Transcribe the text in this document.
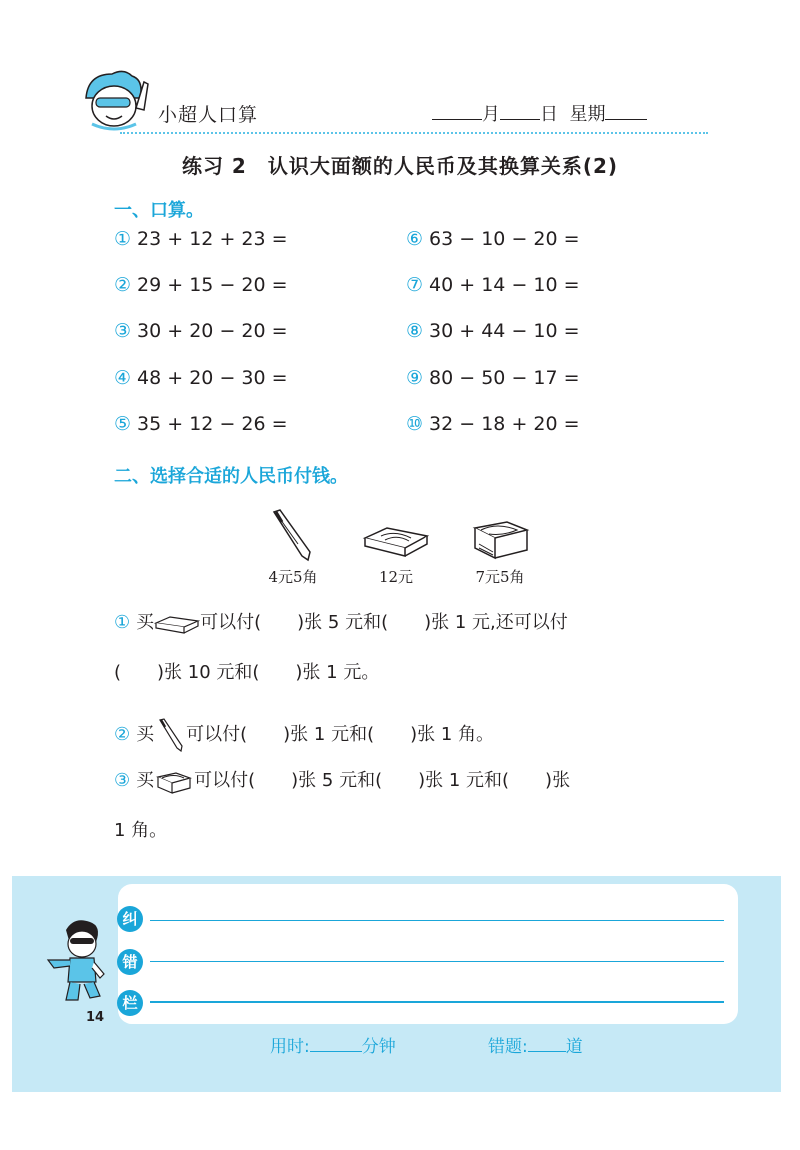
小超人口算	月 日 星期
练习 2　认识大面额的人民币及其换算关系(2)
一、口算。
① 23 + 12 + 23 =
② 29 + 15 − 20 =
③ 30 + 20 − 20 =
④ 48 + 20 − 30 =
⑤ 35 + 12 − 26 =
⑥ 63 − 10 − 20 =
⑦ 40 + 14 − 10 =
⑧ 30 + 44 − 10 =
⑨ 80 − 50 − 17 =
⑩ 32 − 18 + 20 =
二、选择合适的人民币付钱。
4元5角	12元	7元5角
① 买	可以付(　　)张 5 元和(　　)张 1 元,还可以付
(　　)张 10 元和(　　)张 1 元。
② 买 可以付(　　)张 1 元和(　　)张 1 角。
③ 买 可以付(　　)张 5 元和(　　)张 1 元和(　　)张
1 角。
纠
错
栏
14
用时:	分钟	错题: 道
